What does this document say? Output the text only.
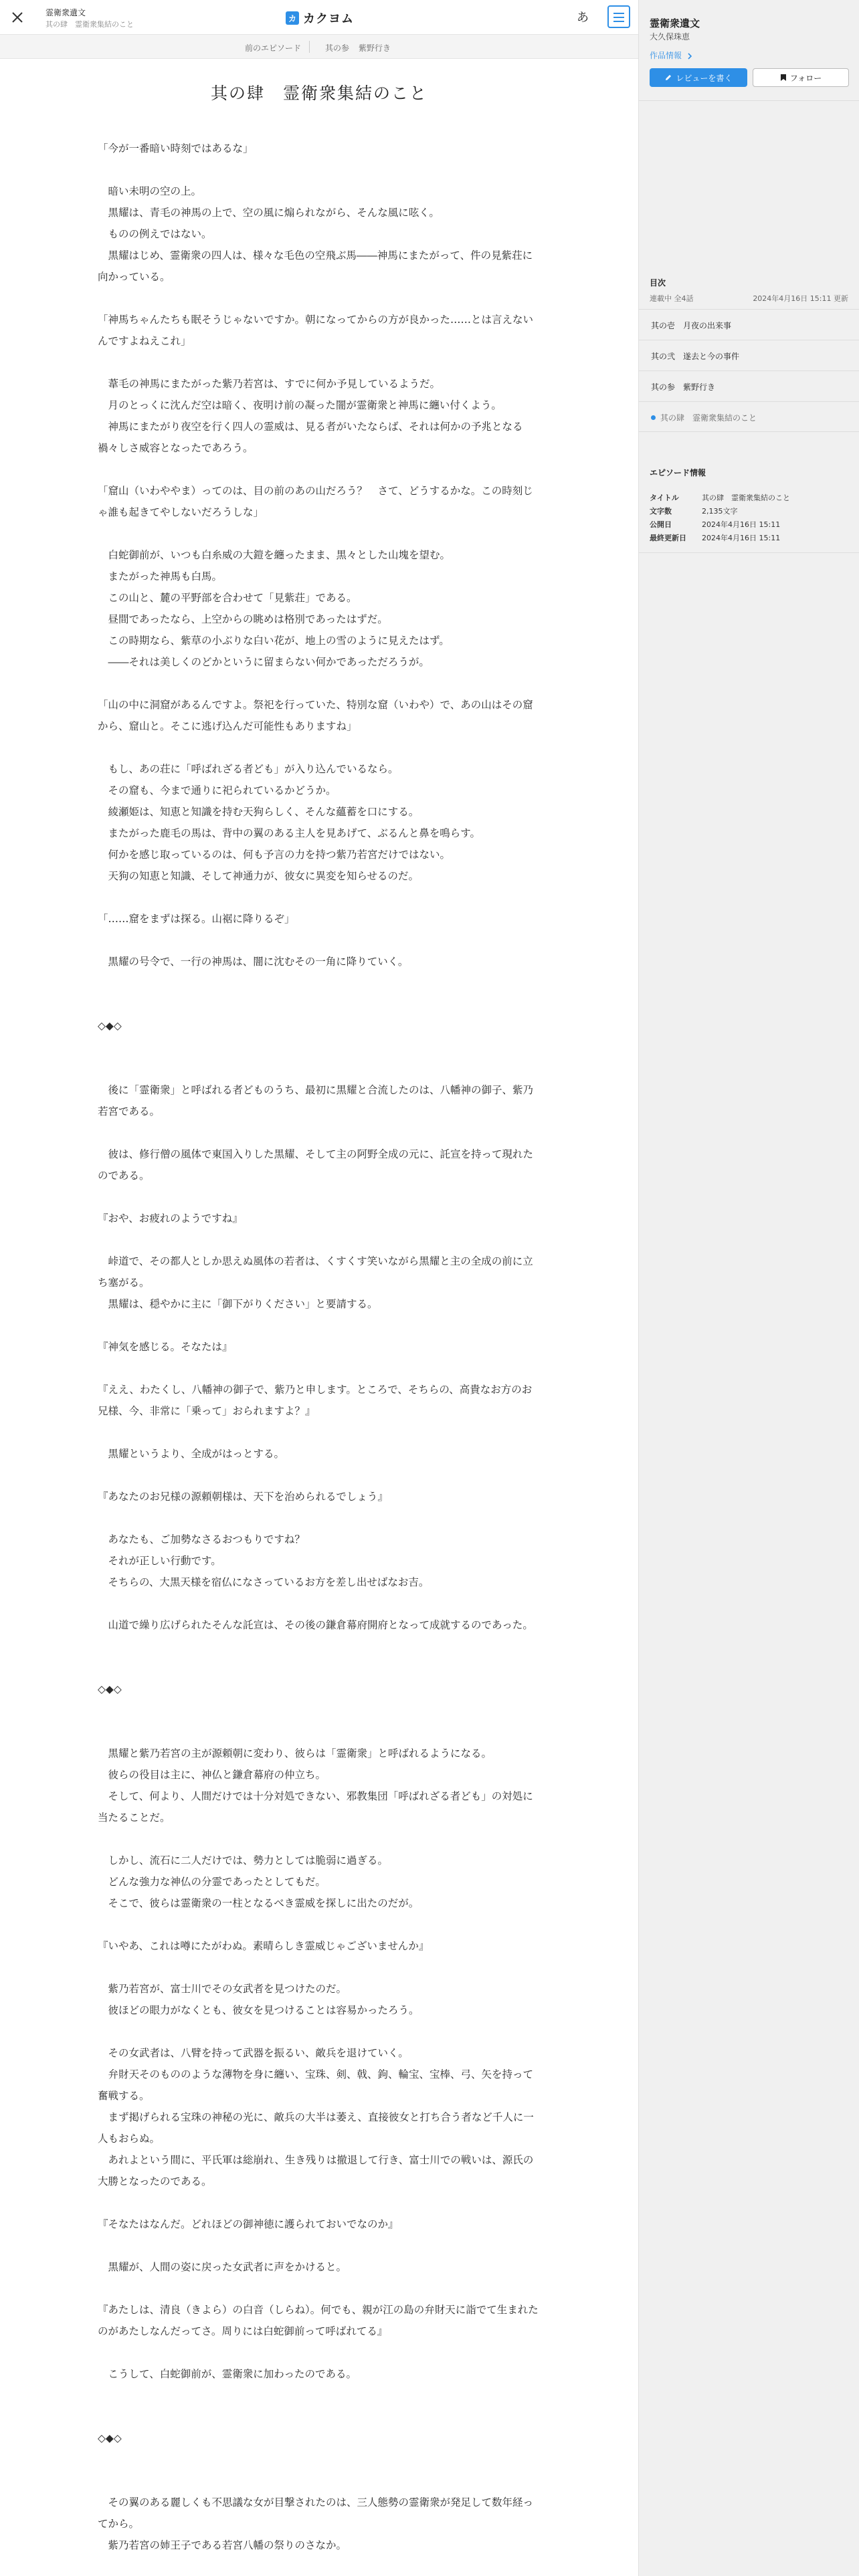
霊衛衆遺文
其の肆　霊衛衆集結のこと
カ カクヨム	あ
前のエピソード	其の参 紫野行き
其の肆　霊衛衆集結のこと

「今が一番暗い時刻ではあるな」

　暗い未明の空の上。

　黒耀は、青毛の神馬の上で、空の風に煽られながら、そんな風に呟く。

　ものの例えではない。

　黒耀はじめ、霊衛衆の四人は、様々な毛色の空飛ぶ馬――神馬にまたがって、件の見紫荘に向かっている。

「神馬ちゃんたちも眠そうじゃないですか。朝になってからの方が良かった……とは言えないんですよねえこれ」

　葦毛の神馬にまたがった紫乃若宮は、すでに何か予見しているようだ。

　月のとっくに沈んだ空は暗く、夜明け前の凝った闇が霊衛衆と神馬に纏い付くよう。

　神馬にまたがり夜空を行く四人の霊威は、見る者がいたならば、それは何かの予兆となる禍々しさ威容となったであろう。

「窟山（いわややま）ってのは、目の前のあの山だろう？　さて、どうするかな。この時刻じゃ誰も起きてやしないだろうしな」

　白蛇御前が、いつも白糸威の大鎧を纏ったまま、黒々とした山塊を望む。

　またがった神馬も白馬。

　この山と、麓の平野部を合わせて「見紫荘」である。

　昼間であったなら、上空からの眺めは格別であったはずだ。

　この時期なら、紫草の小ぶりな白い花が、地上の雪のように見えたはず。

　――それは美しくのどかというに留まらない何かであっただろうが。

「山の中に洞窟があるんですよ。祭祀を行っていた、特別な窟（いわや）で、あの山はその窟から、窟山と。そこに逃げ込んだ可能性もありますね」

　もし、あの荘に「呼ばれざる者ども」が入り込んでいるなら。

　その窟も、今まで通りに祀られているかどうか。

　綾瀬姫は、知恵と知識を持む天狗らしく、そんな蘊蓄を口にする。

　またがった鹿毛の馬は、背中の翼のある主人を見あげて、ぶるんと鼻を鳴らす。

　何かを感じ取っているのは、何も予言の力を持つ紫乃若宮だけではない。

　天狗の知恵と知識、そして神通力が、彼女に異変を知らせるのだ。

「……窟をまずは探る。山裾に降りるぞ」

　黒耀の号令で、一行の神馬は、闇に沈むその一角に降りていく。

◇◆◇

　後に「霊衛衆」と呼ばれる者どものうち、最初に黒耀と合流したのは、八幡神の御子、紫乃若宮である。

　彼は、修行僧の風体で東国入りした黒耀、そして主の阿野全成の元に、託宣を持って現れたのである。

『おや、お疲れのようですね』

　峠道で、その都人としか思えぬ風体の若者は、くすくす笑いながら黒耀と主の全成の前に立ち塞がる。

　黒耀は、穏やかに主に「御下がりください」と要請する。

『神気を感じる。そなたは』

『ええ、わたくし、八幡神の御子で、紫乃と申します。ところで、そちらの、高貴なお方のお兄様、今、非常に「乗って」おられますよ？』

　黒耀というより、全成がはっとする。

『あなたのお兄様の源頼朝様は、天下を治められるでしょう』

　あなたも、ご加勢なさるおつもりですね？

　それが正しい行動です。

　そちらの、大黒天様を宿仏になさっているお方を差し出せばなお吉。

　山道で繰り広げられたそんな託宣は、その後の鎌倉幕府開府となって成就するのであった。

◇◆◇

　黒耀と紫乃若宮の主が源頼朝に変わり、彼らは「霊衛衆」と呼ばれるようになる。

　彼らの役目は主に、神仏と鎌倉幕府の仲立ち。

　そして、何より、人間だけでは十分対処できない、邪教集団「呼ばれざる者ども」の対処に当たることだ。

　しかし、流石に二人だけでは、勢力としては脆弱に過ぎる。

　どんな強力な神仏の分霊であったとしてもだ。

　そこで、彼らは霊衛衆の一柱となるべき霊威を探しに出たのだが。

『いやあ、これは噂にたがわぬ。素晴らしき霊威じゃございませんか』

　紫乃若宮が、富士川でその女武者を見つけたのだ。

　彼ほどの眼力がなくとも、彼女を見つけることは容易かったろう。

　その女武者は、八臂を持って武器を振るい、敵兵を退けていく。

　弁財天そのもののような薄物を身に纏い、宝珠、剣、戟、鉤、輪宝、宝棒、弓、矢を持って奮戦する。

　まず掲げられる宝珠の神秘の光に、敵兵の大半は萎え、直接彼女と打ち合う者など千人に一人もおらぬ。

　あれよという間に、平氏軍は総崩れ、生き残りは撤退して行き、富士川での戦いは、源氏の大勝となったのである。

『そなたはなんだ。どれほどの御神徳に護られておいでなのか』

　黒耀が、人間の姿に戻った女武者に声をかけると。

『あたしは、清良（きよら）の白音（しらね）。何でも、親が江の島の弁財天に詣でて生まれたのがあたしなんだってさ。周りには白蛇御前って呼ばれてる』

　こうして、白蛇御前が、霊衛衆に加わったのである。

◇◆◇

　その翼のある麗しくも不思議な女が目撃されたのは、三人態勢の霊衛衆が発足して数年経ってから。

　紫乃若宮の姉王子である若宮八幡の祭りのさなか。

霊衛衆遺文
大久保珠恵
作品情報
レビューを書く	フォロー
目次
連載中 全4話	2024年4月16日 15:11 更新
其の壱　月夜の出来事
其の弐　遂去と今の事件
其の参　紫野行き
其の肆　霊衛衆集結のこと
エピソード情報
タイトル	其の肆　霊衛衆集結のこと
文字数	2,135文字
公開日	2024年4月16日 15:11
最終更新日 2024年4月16日 15:11
